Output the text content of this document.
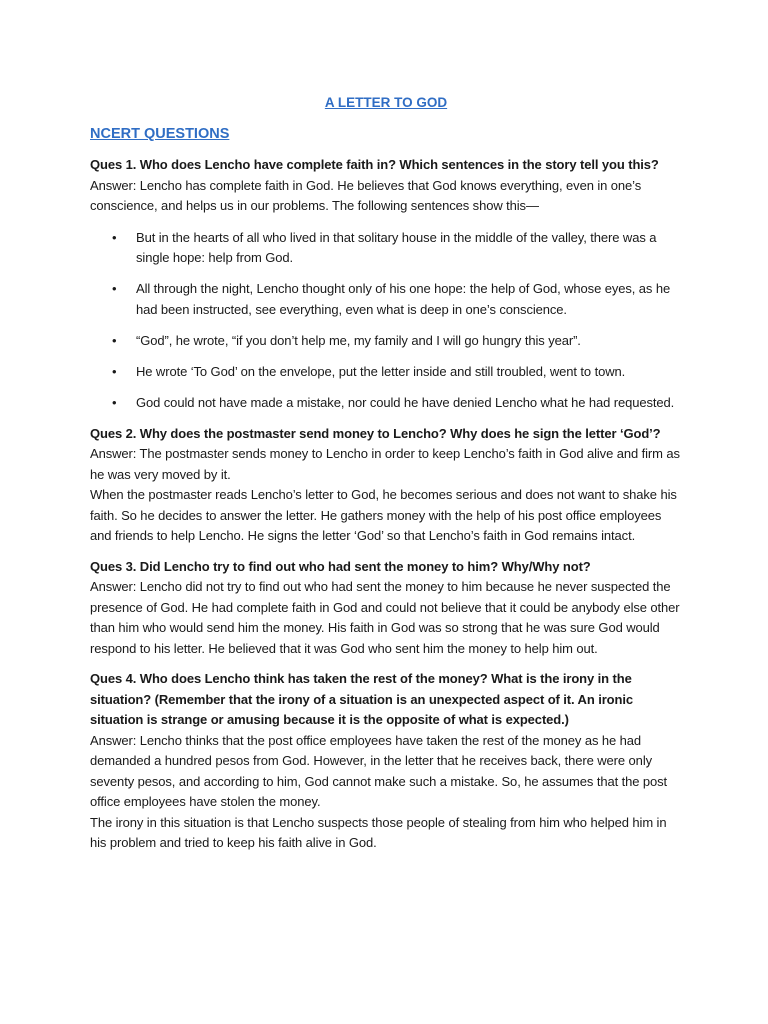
A LETTER TO GOD
NCERT QUESTIONS

Ques 1. Who does Lencho have complete faith in? Which sentences in the story tell you this?

Answer: Lencho has complete faith in God. He believes that God knows everything, even in one’s conscience, and helps us in our problems. The following sentences show this—

• But in the hearts of all who lived in that solitary house in the middle of the valley, there was a single hope: help from God.
• All through the night, Lencho thought only of his one hope: the help of God, whose eyes, as he had been instructed, see everything, even what is deep in one’s conscience.
• “God”, he wrote, “if you don’t help me, my family and I will go hungry this year”.
• He wrote ‘To God’ on the envelope, put the letter inside and still troubled, went to town.
• God could not have made a mistake, nor could he have denied Lencho what he had requested.

Ques 2. Why does the postmaster send money to Lencho? Why does he sign the letter ‘God’?

Answer: The postmaster sends money to Lencho in order to keep Lencho’s faith in God alive and firm as he was very moved by it.

When the postmaster reads Lencho’s letter to God, he becomes serious and does not want to shake his faith. So he decides to answer the letter. He gathers money with the help of his post office employees and friends to help Lencho. He signs the letter ‘God’ so that Lencho’s faith in God remains intact.

Ques 3. Did Lencho try to find out who had sent the money to him? Why/Why not?

Answer: Lencho did not try to find out who had sent the money to him because he never suspected the presence of God. He had complete faith in God and could not believe that it could be anybody else other than him who would send him the money. His faith in God was so strong that he was sure God would respond to his letter. He believed that it was God who sent him the money to help him out.

Ques 4. Who does Lencho think has taken the rest of the money? What is the irony in the situation? (Remember that the irony of a situation is an unexpected aspect of it. An ironic situation is strange or amusing because it is the opposite of what is expected.)

Answer: Lencho thinks that the post office employees have taken the rest of the money as he had demanded a hundred pesos from God. However, in the letter that he receives back, there were only seventy pesos, and according to him, God cannot make such a mistake. So, he assumes that the post office employees have stolen the money.

The irony in this situation is that Lencho suspects those people of stealing from him who helped him in his problem and tried to keep his faith alive in God.
